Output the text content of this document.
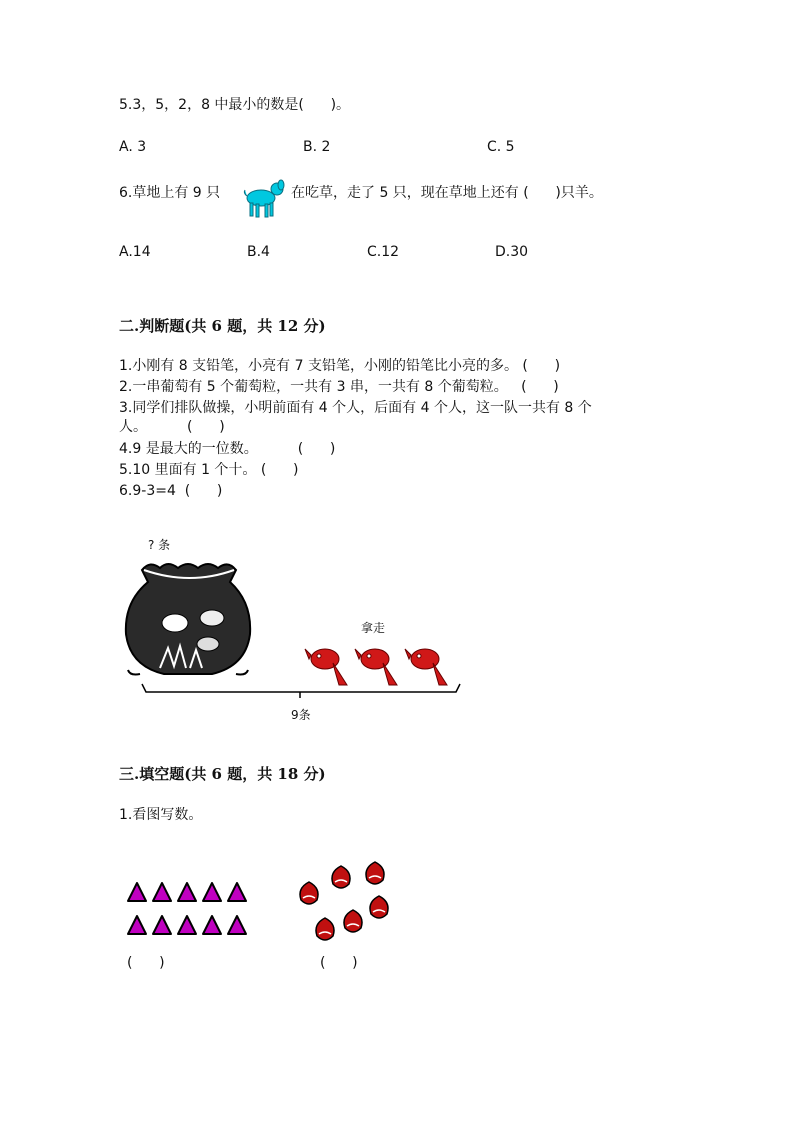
5.3，5，2，8 中最小的数是(      )。
A. 3	B. 2	C. 5
6.草地上有 9 只	在吃草，走了 5 只，现在草地上还有 (      )只羊。
A.14	B.4	C.12	D.30
二.判断题(共 6 题，共 12 分)
1.小刚有 8 支铅笔，小亮有 7 支铅笔，小刚的铅笔比小亮的多。 (      )
2.一串葡萄有 5 个葡萄粒，一共有 3 串，一共有 8 个葡萄粒。   (      )
3.同学们排队做操，小明前面有 4 个人，后面有 4 个人，这一队一共有 8 个
人。         (      )
4.9 是最大的一位数。         (      )
5.10 里面有 1 个十。 (      )
6.9-3=4  (      )
? 条
拿走
9条
三.填空题(共 6 题，共 18 分)
1.看图写数。
(      )	(      )
